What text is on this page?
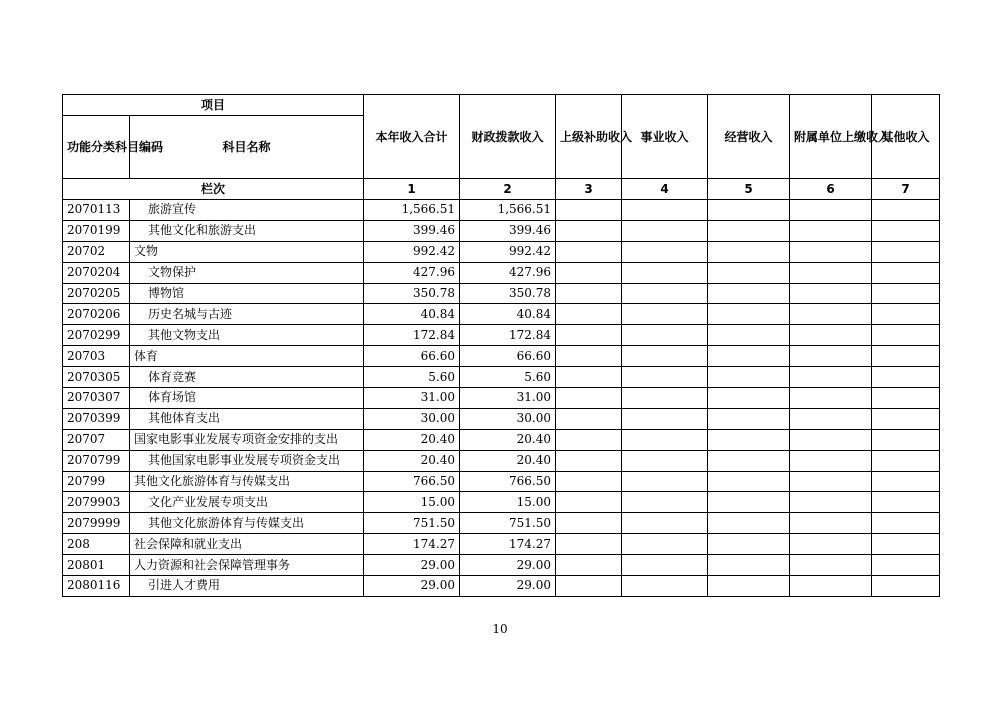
项目		本年收入合计	财政拨款收入	上级补助收入	事业收入	经营收入	附属单位上缴收入	其他收入
功能分类科目编码	科目名称							
栏次		1	2	3	4	5	6	7
2070113	旅游宣传	1,566.51	1,566.51					
2070199	其他文化和旅游支出	399.46	399.46					
20702	文物	992.42	992.42					
2070204	文物保护	427.96	427.96					
2070205	博物馆	350.78	350.78					
2070206	历史名城与古迹	40.84	40.84					
2070299	其他文物支出	172.84	172.84					
20703	体育	66.60	66.60					
2070305	体育竞赛	5.60	5.60					
2070307	体育场馆	31.00	31.00					
2070399	其他体育支出	30.00	30.00					
20707	国家电影事业发展专项资金安排的支出	20.40	20.40					
2070799	其他国家电影事业发展专项资金支出	20.40	20.40					
20799	其他文化旅游体育与传媒支出	766.50	766.50					
2079903	文化产业发展专项支出	15.00	15.00					
2079999	其他文化旅游体育与传媒支出	751.50	751.50					
208	社会保障和就业支出	174.27	174.27					
20801	人力资源和社会保障管理事务	29.00	29.00					
2080116	引进人才费用	29.00	29.00					
10
